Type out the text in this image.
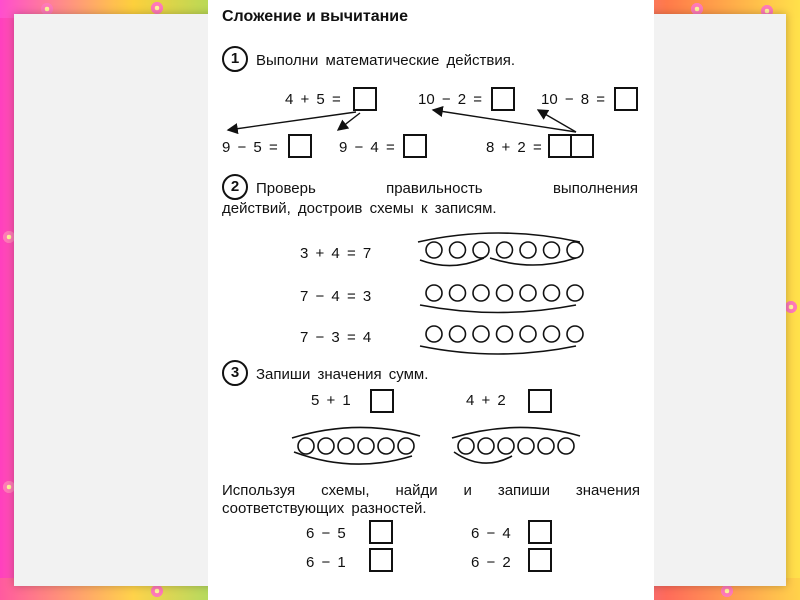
Сложение и вычитание
1	Выполни математические действия.
4 + 5 =	10 − 2 =	10 − 8 =
9 − 5 =	9 − 4 =	8 + 2 =
2	Проверь правильность выполнения
действий, достроив схемы к записям.
3 + 4 = 7
7 − 4 = 3
7 − 3 = 4
3	Запиши значения сумм.
5 + 1	4 + 2
Используя схемы, найди и запиши значения
соответствующих разностей.
6 − 5	6 − 4
6 − 1	6 − 2
